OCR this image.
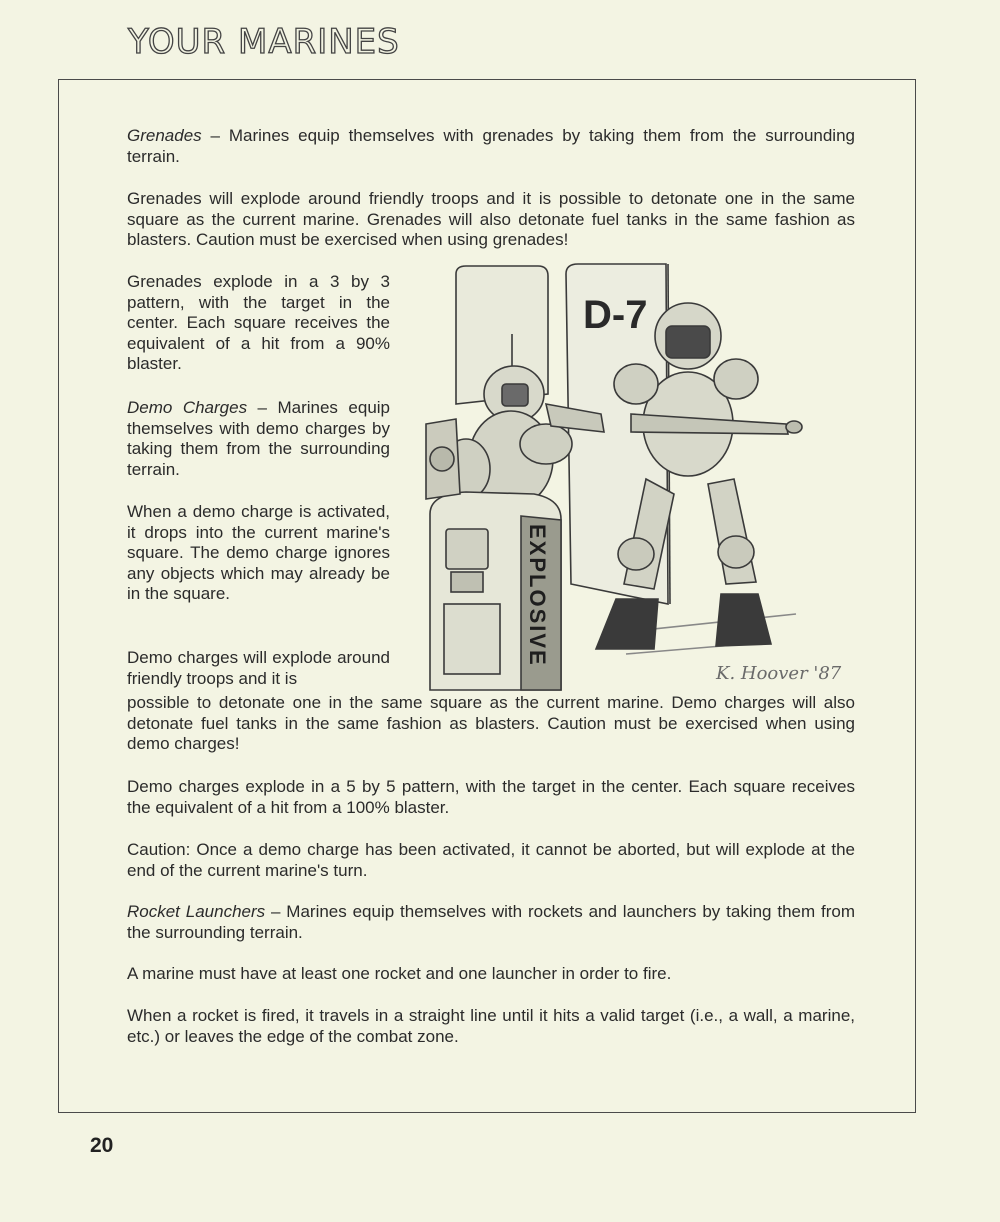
YOUR MARINES

Grenades – Marines equip themselves with grenades by taking them from the surrounding terrain.

Grenades will explode around friendly troops and it is possible to detonate one in the same square as the current marine. Grenades will also detonate fuel tanks in the same fashion as blasters. Caution must be exercised when using grenades!

Grenades explode in a 3 by 3 pattern, with the target in the center. Each square receives the equivalent of a hit from a 90% blaster.

Demo Charges – Marines equip themselves with demo charges by taking them from the surrounding terrain.

When a demo charge is activated, it drops into the current marine's square. The demo charge ignores any objects which may already be in the square.

Demo charges will explode around friendly troops and it is

possible to detonate one in the same square as the current marine. Demo charges will also detonate fuel tanks in the same fashion as blasters. Caution must be exercised when using demo charges!

Demo charges explode in a 5 by 5 pattern, with the target in the center. Each square receives the equivalent of a hit from a 100% blaster.

Caution: Once a demo charge has been activated, it cannot be aborted, but will explode at the end of the current marine's turn.

Rocket Launchers – Marines equip themselves with rockets and launchers by taking them from the surrounding terrain.

A marine must have at least one rocket and one launcher in order to fire.

When a rocket is fired, it travels in a straight line until it hits a valid target (i.e., a wall, a marine, etc.) or leaves the edge of the combat zone.

D-7
EXPLOSIVE
K. Hoover '87
20
